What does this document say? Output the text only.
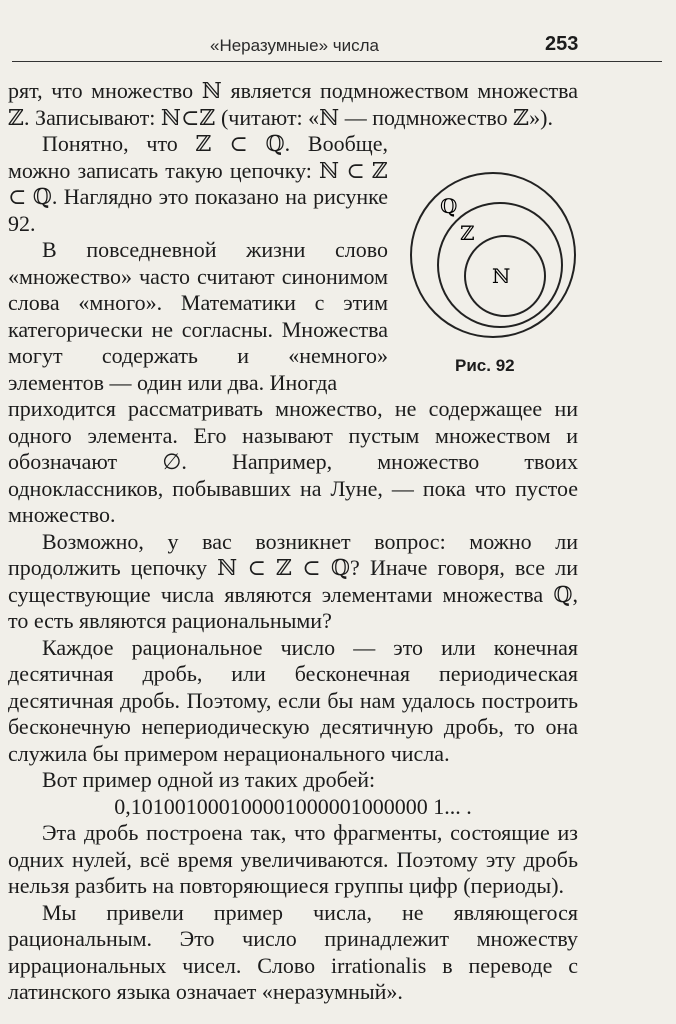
«Неразумные» числа	253
ℚ
ℤ
ℕ
Рис. 92

рят, что множество ℕ является подмножеством множества ℤ. Записывают: ℕ⊂ℤ (читают: «ℕ — подмножество ℤ»).

Понятно, что ℤ ⊂ ℚ. Вообще, можно записать такую цепочку: ℕ ⊂ ℤ ⊂ ℚ. Наглядно это показано на рисунке 92.

В повседневной жизни слово «множество» часто считают синонимом слова «много». Математики с этим категорически не согласны. Множества могут содержать и «немного» элементов — один или два. Иногда

приходится рассматривать множество, не содержащее ни одного элемента. Его называют пустым множеством и обозначают ∅. Например, множество твоих одноклассников, побывавших на Луне, — пока что пустое множество.

Возможно, у вас возникнет вопрос: можно ли продолжить цепочку ℕ ⊂ ℤ ⊂ ℚ? Иначе говоря, все ли существующие числа являются элементами множества ℚ, то есть являются рациональными?

Каждое рациональное число — это или конечная десятичная дробь, или бесконечная периодическая десятичная дробь. Поэтому, если бы нам удалось построить бесконечную непериодическую десятичную дробь, то она служила бы примером нерационального числа.

Вот пример одной из таких дробей:

0,101001000100001000001000000 1... .

Эта дробь построена так, что фрагменты, состоящие из одних нулей, всё время увеличиваются. Поэтому эту дробь нельзя разбить на повторяющиеся группы цифр (периоды).

Мы привели пример числа, не являющегося рациональным. Это число принадлежит множеству иррациональных чисел. Слово irrationalis в переводе с латинского языка означает «неразумный».
